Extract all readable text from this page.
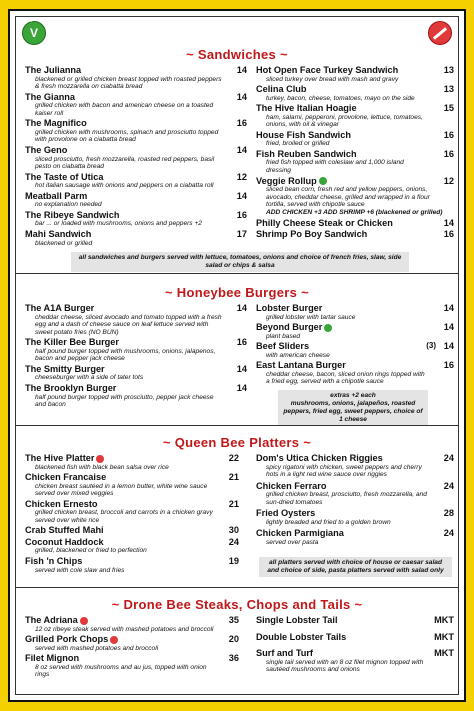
Vegetarian
V
~ Sandwiches ~
The Julianna	14
blackened or grilled chicken breast topped with roasted peppers & fresh mozzarella on ciabatta bread
The Gianna	14
grilled chicken with bacon and american cheese on a toasted kaiser roll
The Magnifico	16
grilled chicken with mushrooms, spinach and prosciutto topped with provolone on a ciabatta bread
The Geno	14
sliced prosciutto, fresh mozzarella, roasted red peppers, basil pesto on ciabatta bread
The Taste of Utica	12
hot italian sausage with onions and peppers on a ciabatta roll
Meatball Parm	14
no explanation needed
The Ribeye Sandwich	16
bar ... or loaded with mushrooms, onions and peppers +2
Mahi Sandwich	17
blackened or grilled
Hot Open Face Turkey Sandwich	13
sliced turkey over bread with mash and gravy
Celina Club	13
turkey, bacon, cheese, tomatoes, mayo on the side
The Hive Italian Hoagie	15
ham, salami, pepperoni, provolone, lettuce, tomatoes, onions, with oil & vinegar
House Fish Sandwich	16
fried, broiled or grilled
Fish Reuben Sandwich	16
fried fish topped with coleslaw and 1,000 island dressing
Veggie Rollup	12
sliced bean corn, fresh red and yellow peppers, onions, avocado, cheddar cheese, grilled and wrapped in a flour tortilla, served with chipotle sauce
ADD CHICKEN +3 ADD SHRIMP +6 (blackened or grilled)
Philly Cheese Steak or Chicken	14
Shrimp Po Boy Sandwich	16
all sandwiches and burgers served with lettuce, tomatoes, onions and choice of french fries, slaw, side salad or chips & salsa
~ Honeybee Burgers ~
The A1A Burger	14
cheddar cheese, sliced avocado and tomato topped with a fresh egg and a dash of cheese sauce on leaf lettuce served with sweet potato fries (NO BUN)
The Killer Bee Burger	16
half pound burger topped with mushrooms, onions, jalapenos, bacon and pepper jack cheese
The Smitty Burger	14
cheeseburger with a side of tater tots
The Brooklyn Burger	14
half pound burger topped with prosciutto, pepper jack cheese and bacon
Lobster Burger	14
grilled lobster with tartar sauce
Beyond Burger	14
plant based
Beef Sliders	(3) 14
with american cheese
East Lantana Burger	16
cheddar cheese, bacon, sliced onion rings topped with a fried egg, served with a chipotle sauce
extras +2 each
mushrooms, onions, jalapeños, roasted peppers, fried egg, sweet peppers, choice of 1 cheese
~ Queen Bee Platters ~
The Hive Platter	22
blackened fish with black bean salsa over rice
Chicken Francaise	21
chicken breast sautéed in a lemon butter, white wine sauce served over mixed veggies
Chicken Ernesto	21
grilled chicken breast, broccoli and carrots in a chicken gravy served over white rice
Crab Stuffed Mahi	30
Coconut Haddock	24
grilled, blackened or fried to perfection
Fish 'n Chips	19
served with cole slaw and fries
Dom's Utica Chicken Riggies	24
spicy rigatoni with chicken, sweet peppers and cherry hots in a light red wine sauce over riggies
Chicken Ferraro	24
grilled chicken breast, prosciutto, fresh mozzarella, and sun-dried tomatoes
Fried Oysters	28
lightly breaded and fried to a golden brown
Chicken Parmigiana	24
served over pasta
all platters served with choice of house or caesar salad and choice of side, pasta platters served with salad only
~ Drone Bee Steaks, Chops and Tails ~
The Adriana	35
12 oz ribeye steak served with mashed potatoes and broccoli
Grilled Pork Chops	20
served with mashed potatoes and broccoli
Filet Mignon	36
8 oz served with mushrooms and au jus, topped with onion rings
Single Lobster Tail	MKT
Double Lobster Tails	MKT
Surf and Turf	MKT
single tail served with an 8 oz filet mignon topped with sautéed mushrooms and onions
